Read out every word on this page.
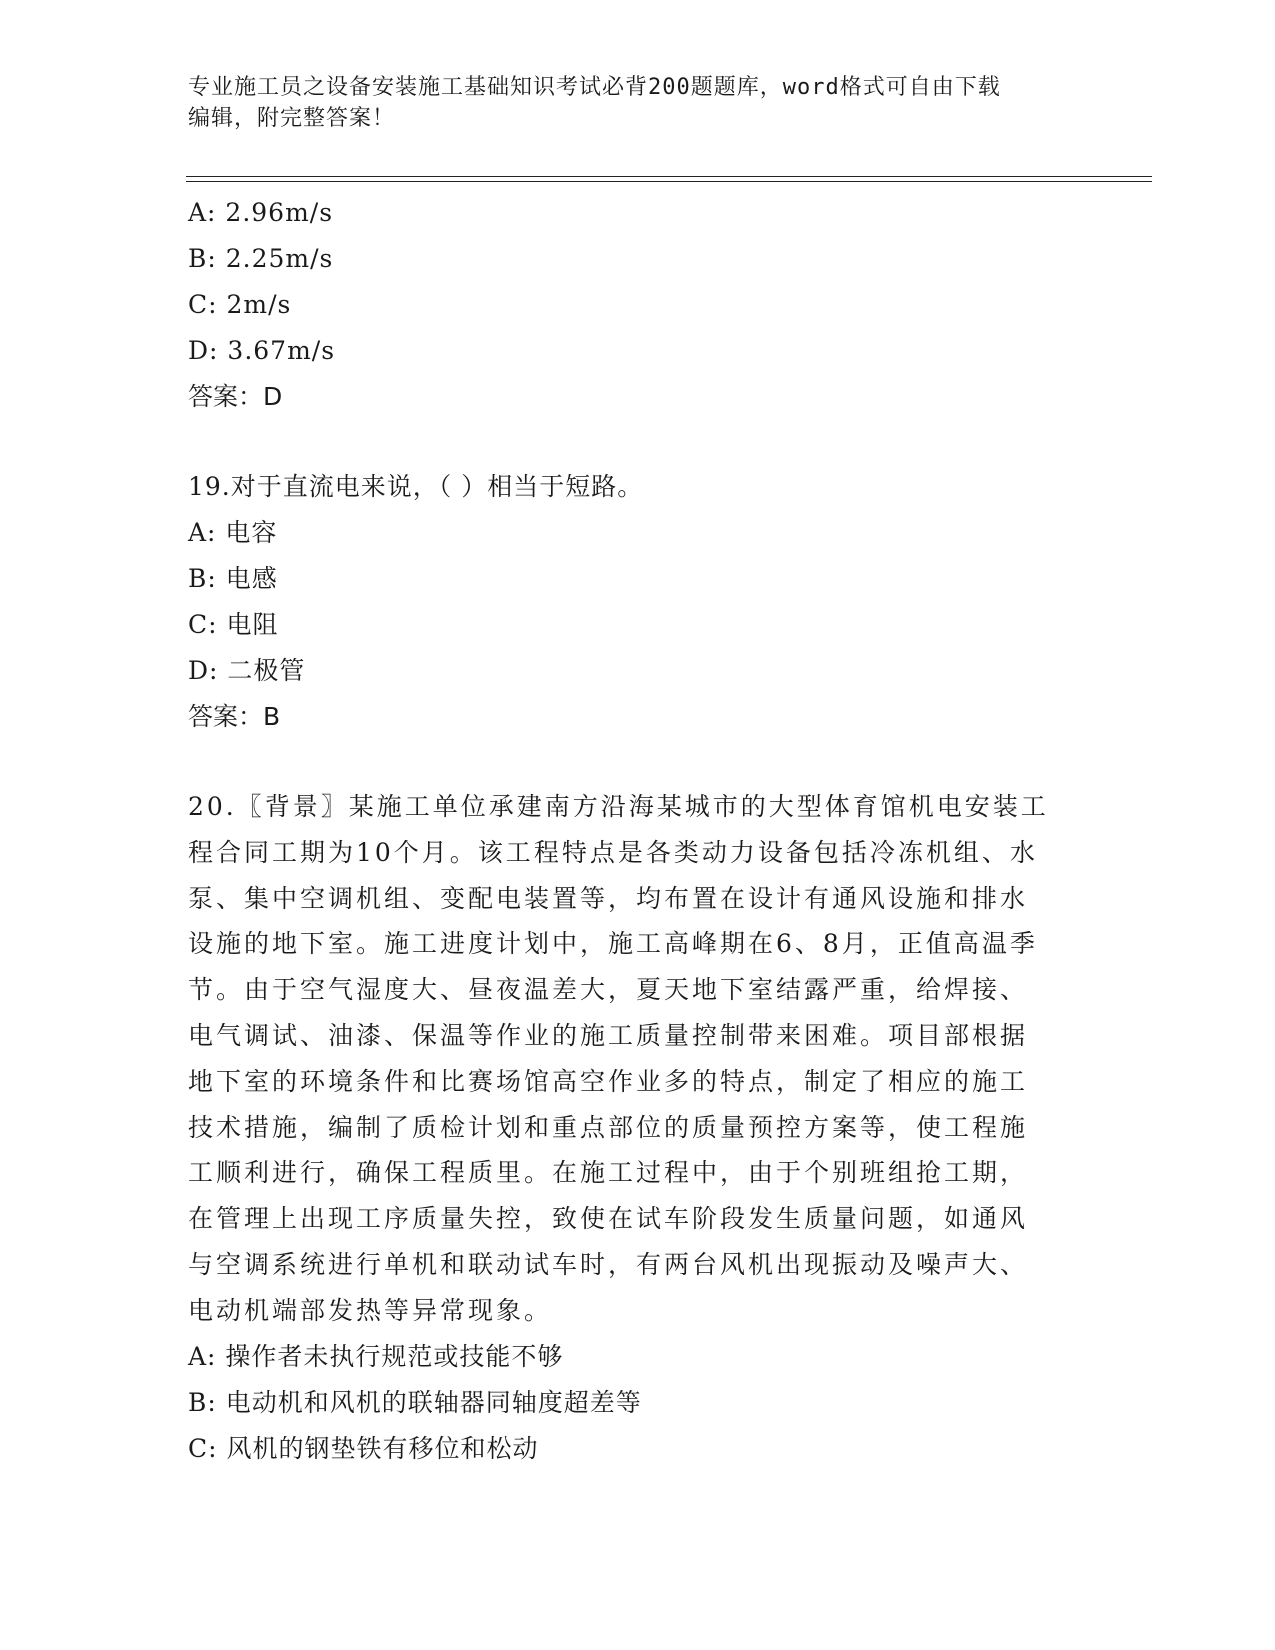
专业施工员之设备安装施工基础知识考试必背200题题库，word格式可自由下载
编辑，附完整答案！
A: 2.96m/s
B: 2.25m/s
C: 2m/s
D: 3.67m/s
答案：D
19.对于直流电来说，（ ）相当于短路。
A: 电容
B: 电感
C: 电阻
D: 二极管
答案：B
20.〖背景〗某施工单位承建南方沿海某城市的大型体育馆机电安装工
程合同工期为10个月。该工程特点是各类动力设备包括冷冻机组、水
泵、集中空调机组、变配电装置等，均布置在设计有通风设施和排水
设施的地下室。施工进度计划中，施工高峰期在6、8月，正值高温季
节。由于空气湿度大、昼夜温差大，夏天地下室结露严重，给焊接、
电气调试、油漆、保温等作业的施工质量控制带来困难。项目部根据
地下室的环境条件和比赛场馆高空作业多的特点，制定了相应的施工
技术措施，编制了质检计划和重点部位的质量预控方案等，使工程施
工顺利进行，确保工程质里。在施工过程中，由于个别班组抢工期，
在管理上出现工序质量失控，致使在试车阶段发生质量问题，如通风
与空调系统进行单机和联动试车时，有两台风机出现振动及噪声大、
电动机端部发热等异常现象。
A: 操作者未执行规范或技能不够
B: 电动机和风机的联轴器同轴度超差等
C: 风机的钢垫铁有移位和松动
